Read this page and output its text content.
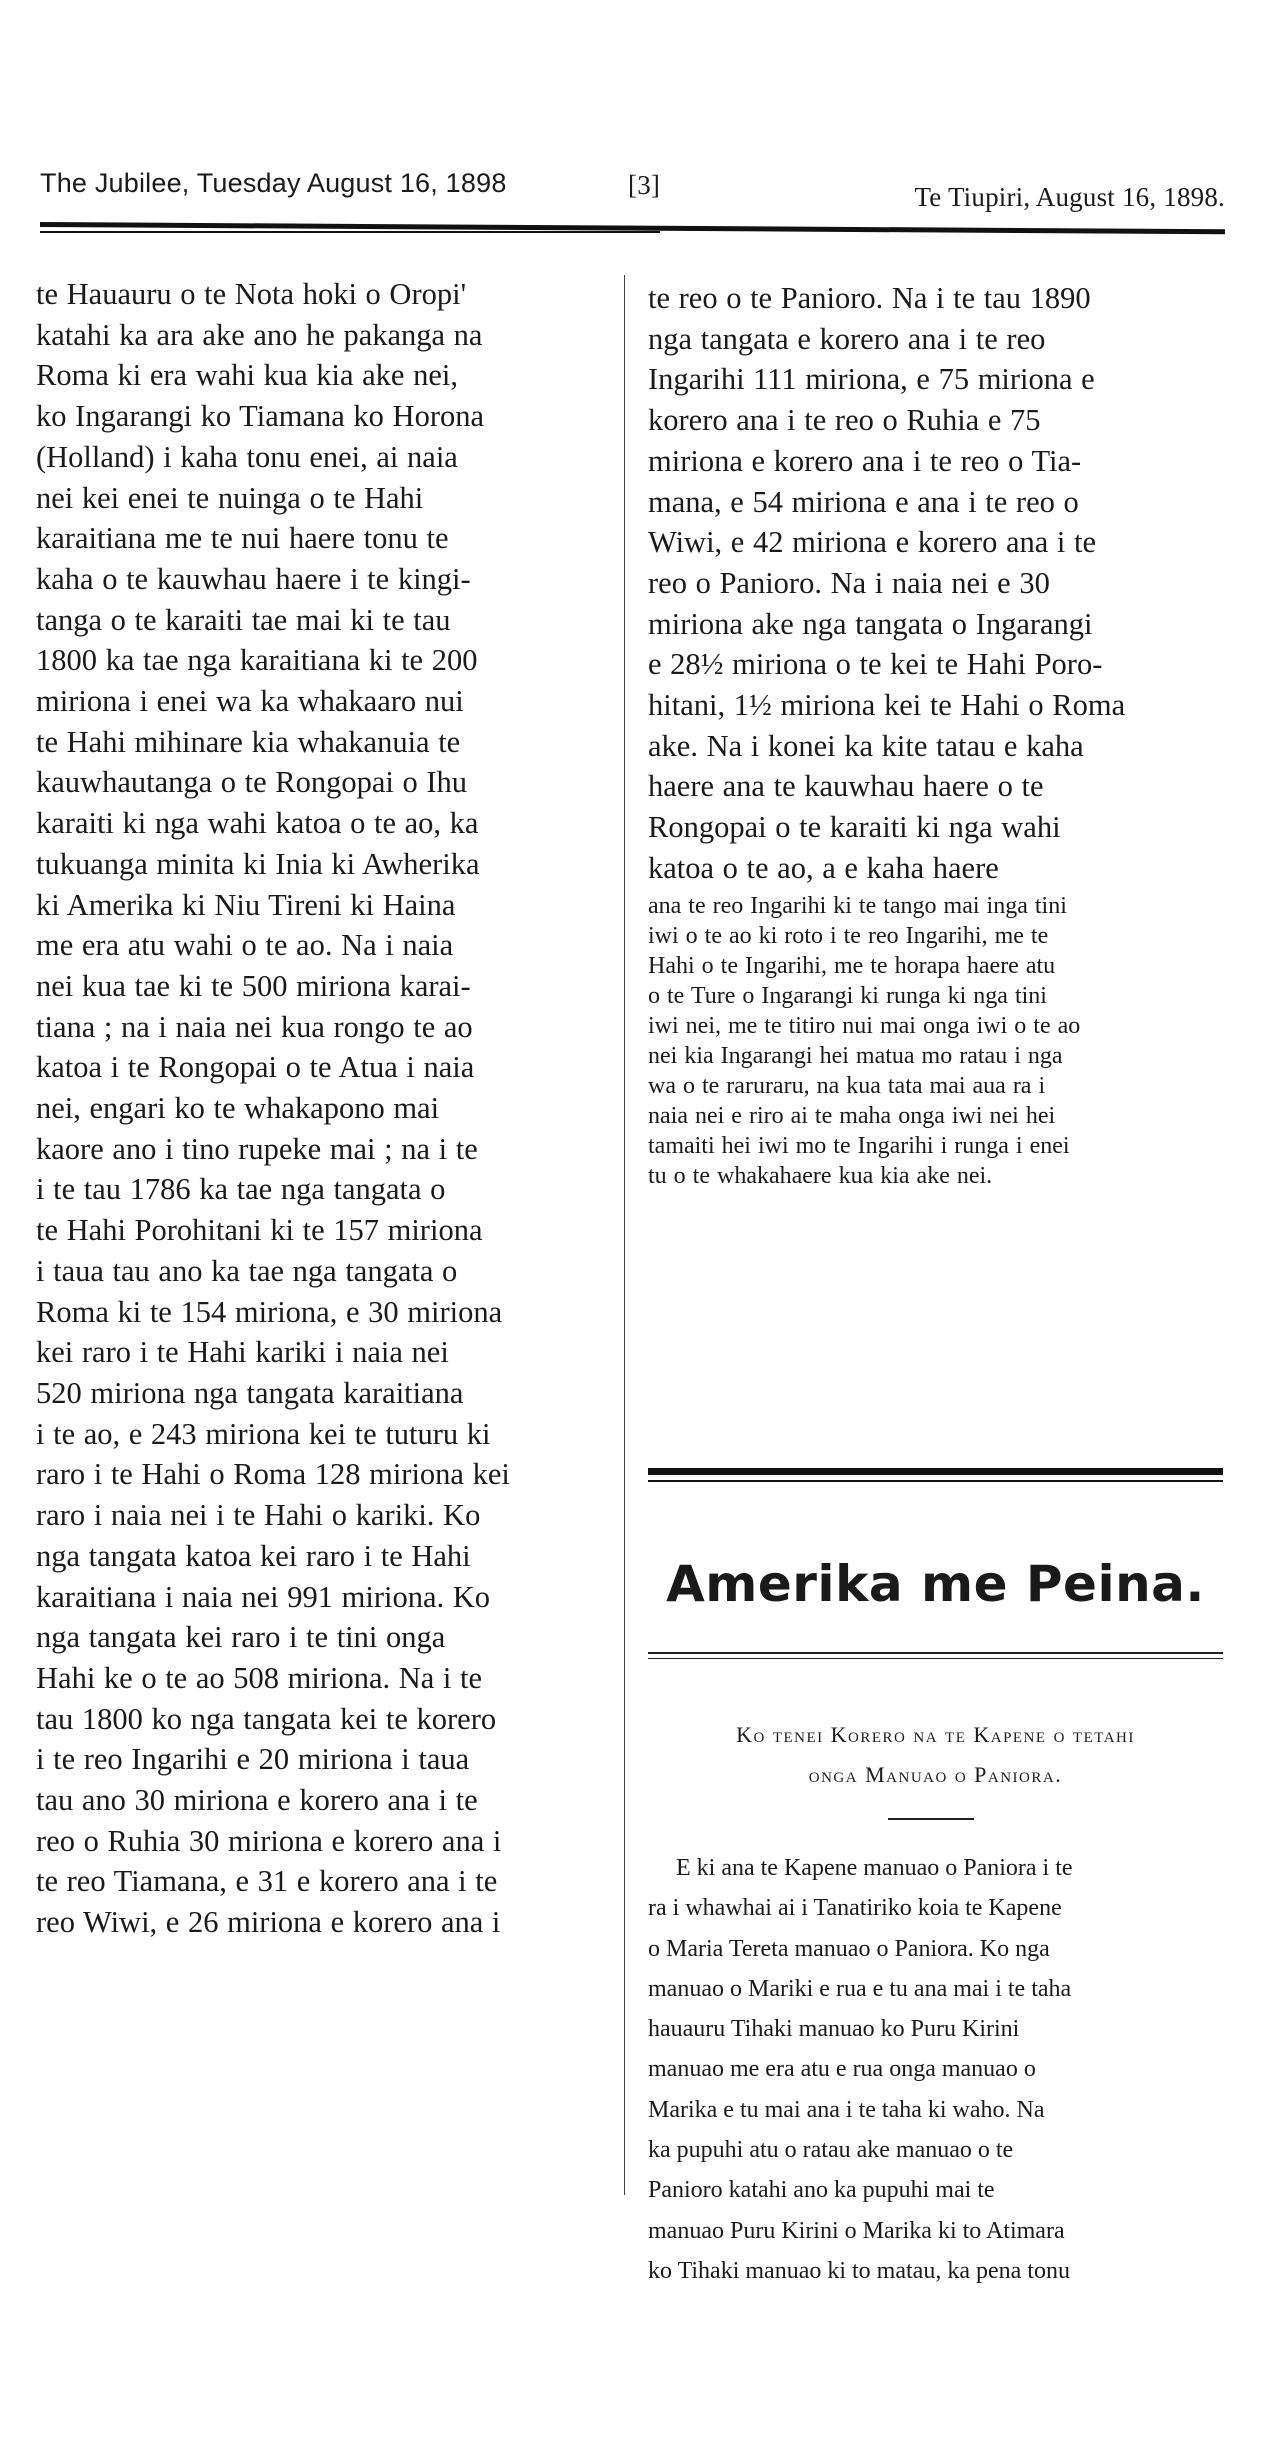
The Jubilee, Tuesday August 16, 1898	[3]	Te Tiupiri, August 16, 1898.

te Hauauru o te Nota hoki o Oropi'

katahi ka ara ake ano he pakanga na

Roma ki era wahi kua kia ake nei,

ko Ingarangi ko Tiamana ko Horona

(Holland) i kaha tonu enei, ai naia

nei kei enei te nuinga o te Hahi

karaitiana me te nui haere tonu te

kaha o te kauwhau haere i te kingi-

tanga o te karaiti tae mai ki te tau

1800 ka tae nga karaitiana ki te 200

miriona i enei wa ka whakaaro nui

te Hahi mihinare kia whakanuia te

kauwhautanga o te Rongopai o Ihu

karaiti ki nga wahi katoa o te ao, ka

tukuanga minita ki Inia ki Awherika

ki Amerika ki Niu Tireni ki Haina

me era atu wahi o te ao. Na i naia

nei kua tae ki te 500 miriona karai-

tiana ; na i naia nei kua rongo te ao

katoa i te Rongopai o te Atua i naia

nei, engari ko te whakapono mai

kaore ano i tino rupeke mai ; na i te

i te tau 1786 ka tae nga tangata o

te Hahi Porohitani ki te 157 miriona

i taua tau ano ka tae nga tangata o

Roma ki te 154 miriona, e 30 miriona

kei raro i te Hahi kariki i naia nei

520 miriona nga tangata karaitiana

i te ao, e 243 miriona kei te tuturu ki

raro i te Hahi o Roma 128 miriona kei

raro i naia nei i te Hahi o kariki. Ko

nga tangata katoa kei raro i te Hahi

karaitiana i naia nei 991 miriona. Ko

nga tangata kei raro i te tini onga

Hahi ke o te ao 508 miriona. Na i te

tau 1800 ko nga tangata kei te korero

i te reo Ingarihi e 20 miriona i taua

tau ano 30 miriona e korero ana i te

reo o Ruhia 30 miriona e korero ana i

te reo Tiamana, e 31 e korero ana i te

reo Wiwi, e 26 miriona e korero ana i

te reo o te Panioro. Na i te tau 1890

nga tangata e korero ana i te reo

Ingarihi 111 miriona, e 75 miriona e

korero ana i te reo o Ruhia e 75

miriona e korero ana i te reo o Tia-

mana, e 54 miriona e ana i te reo o

Wiwi, e 42 miriona e korero ana i te

reo o Panioro. Na i naia nei e 30

miriona ake nga tangata o Ingarangi

e 28½ miriona o te kei te Hahi Poro-

hitani, 1½ miriona kei te Hahi o Roma

ake. Na i konei ka kite tatau e kaha

haere ana te kauwhau haere o te

Rongopai o te karaiti ki nga wahi

katoa o te ao, a e kaha haere

ana te reo Ingarihi ki te tango mai inga tini

iwi o te ao ki roto i te reo Ingarihi, me te

Hahi o te Ingarihi, me te horapa haere atu

o te Ture o Ingarangi ki runga ki nga tini

iwi nei, me te titiro nui mai onga iwi o te ao

nei kia Ingarangi hei matua mo ratau i nga

wa o te raruraru, na kua tata mai aua ra i

naia nei e riro ai te maha onga iwi nei hei

tamaiti hei iwi mo te Ingarihi i runga i enei

tu o te whakahaere kua kia ake nei.

Amerika me Peina.

Ko tenei Korero na te Kapene o tetahi

onga Manuao o Paniora.

E ki ana te Kapene manuao o Paniora i te

ra i whawhai ai i Tanatiriko koia te Kapene

o Maria Tereta manuao o Paniora. Ko nga

manuao o Mariki e rua e tu ana mai i te taha

hauauru Tihaki manuao ko Puru Kirini

manuao me era atu e rua onga manuao o

Marika e tu mai ana i te taha ki waho. Na

ka pupuhi atu o ratau ake manuao o te

Panioro katahi ano ka pupuhi mai te

manuao Puru Kirini o Marika ki to Atimara

ko Tihaki manuao ki to matau, ka pena tonu
